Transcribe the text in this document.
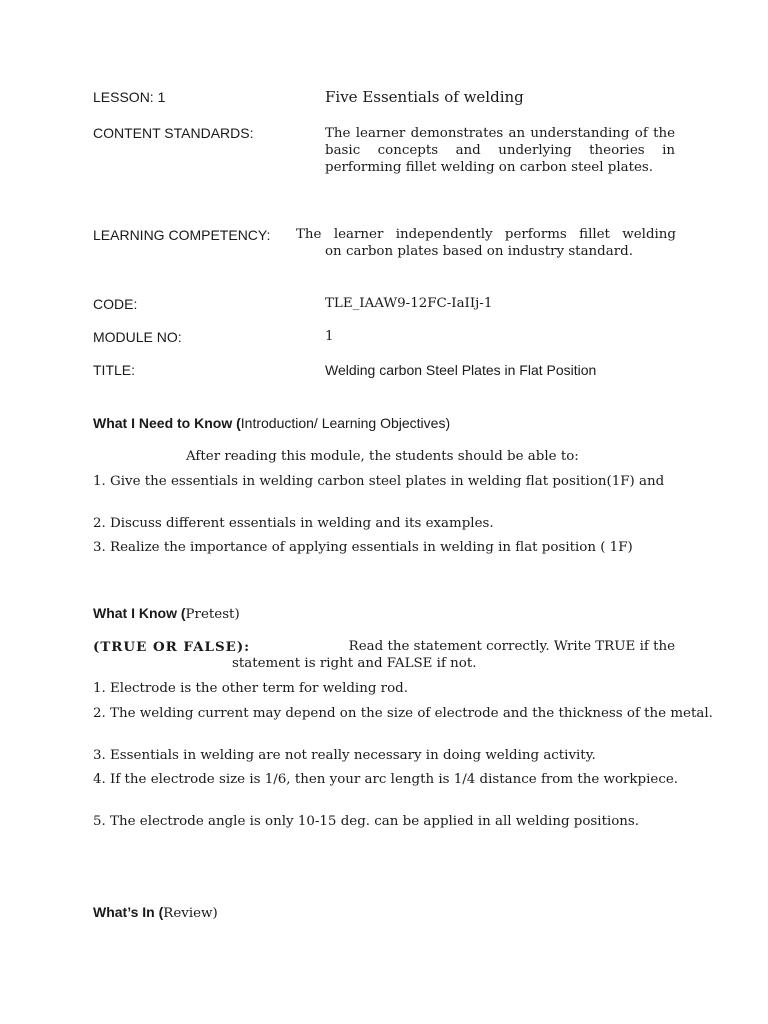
LESSON: 1	Five Essentials of welding

CONTENT STANDARDS:	The learner demonstrates an understanding of the basic concepts and underlying theories in performing fillet welding on carbon steel plates.

LEARNING COMPETENCY: The learner independently performs fillet welding

on carbon plates based on industry standard.

CODE:	TLE_IAAW9-12FC-IaIIj-1

MODULE NO:	1

TITLE:	Welding carbon Steel Plates in Flat Position

What I Need to Know (Introduction/ Learning Objectives)

After reading this module, the students should be able to:

1. Give the essentials in welding carbon steel plates in welding flat position(1F) and

2. Discuss different essentials in welding and its examples.

3. Realize the importance of applying essentials in welding in flat position ( 1F)

What I Know (Pretest)

(TRUE OR FALSE):	Read the statement correctly. Write TRUE if the

statement is right and FALSE if not.

1. Electrode is the other term for welding rod.

2. The welding current may depend on the size of electrode and the thickness of the metal.

3. Essentials in welding are not really necessary in doing welding activity.

4. If the electrode size is 1/6, then your arc length is 1/4 distance from the workpiece.

5. The electrode angle is only 10-15 deg. can be applied in all welding positions.

What’s In (Review)
